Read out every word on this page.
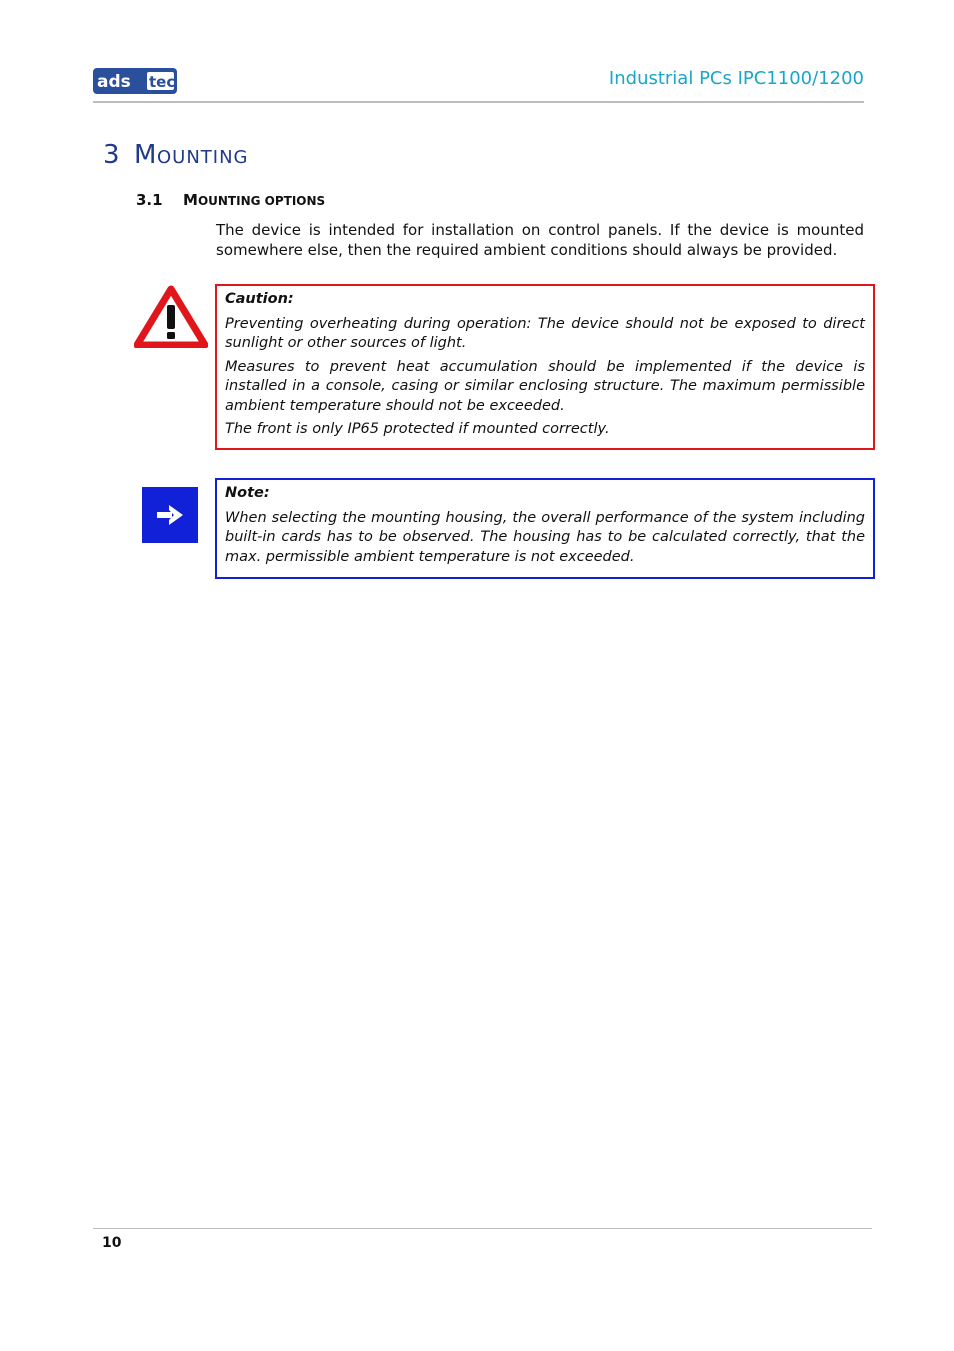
ads tec	Industrial PCs IPC1100/1200
3 MOUNTING
3.1 MOUNTING OPTIONS
The device is intended for installation on control panels. If the device is mounted somewhere else, then the required ambient conditions should always be provided.
Caution:

Preventing overheating during operation: The device should not be exposed to direct sunlight or other sources of light.

Measures to prevent heat accumulation should be implemented if the device is installed in a console, casing or similar enclosing structure. The maximum permissible ambient temperature should not be exceeded.

The front is only IP65 protected if mounted correctly.

Note:

When selecting the mounting housing, the overall performance of the system including built-in cards has to be observed. The housing has to be calculated correctly, that the max. permissible ambient temperature is not exceeded.

10
